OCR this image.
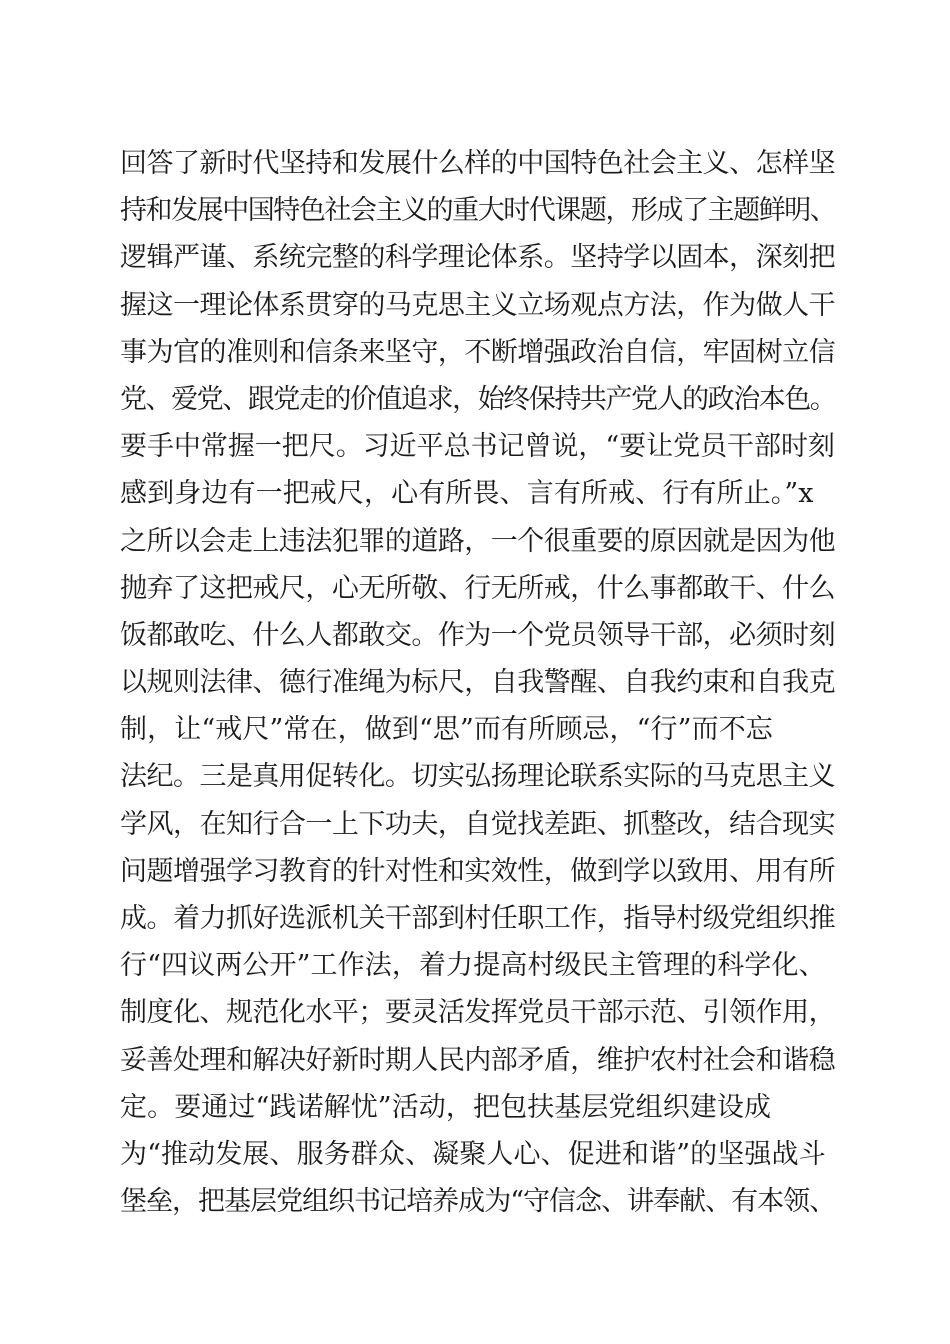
回答了新时代坚持和发展什么样的中国特色社会主义、怎样坚
持和发展中国特色社会主义的重大时代课题，形成了主题鲜明、
逻辑严谨、系统完整的科学理论体系。坚持学以固本，深刻把
握这一理论体系贯穿的马克思主义立场观点方法，作为做人干
事为官的准则和信条来坚守，不断增强政治自信，牢固树立信
党、爱党、跟党走的价值追求，始终保持共产党人的政治本色。
要手中常握一把尺。习近平总书记曾说，“要让党员干部时刻
感到身边有一把戒尺，心有所畏、言有所戒、行有所止。”x
之所以会走上违法犯罪的道路，一个很重要的原因就是因为他
抛弃了这把戒尺，心无所敬、行无所戒，什么事都敢干、什么
饭都敢吃、什么人都敢交。作为一个党员领导干部，必须时刻
以规则法律、德行准绳为标尺，自我警醒、自我约束和自我克
制，让“戒尺”常在，做到“思”而有所顾忌，“行”而不忘
法纪。三是真用促转化。切实弘扬理论联系实际的马克思主义
学风，在知行合一上下功夫，自觉找差距、抓整改，结合现实
问题增强学习教育的针对性和实效性，做到学以致用、用有所
成。着力抓好选派机关干部到村任职工作，指导村级党组织推
行“四议两公开”工作法，着力提高村级民主管理的科学化、
制度化、规范化水平；要灵活发挥党员干部示范、引领作用，
妥善处理和解决好新时期人民内部矛盾，维护农村社会和谐稳
定。要通过“践诺解忧”活动，把包扶基层党组织建设成
为“推动发展、服务群众、凝聚人心、促进和谐”的坚强战斗
堡垒，把基层党组织书记培养成为“守信念、讲奉献、有本领、
